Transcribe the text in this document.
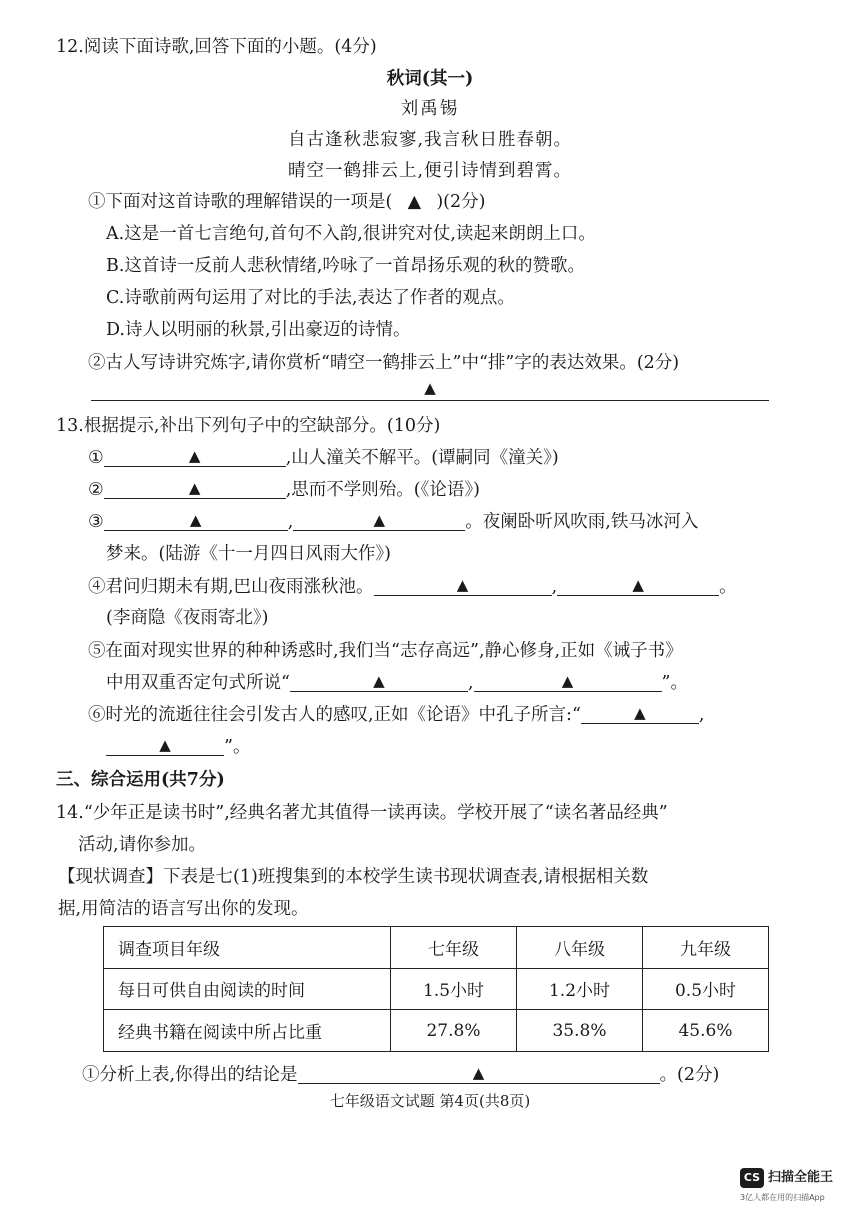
12.阅读下面诗歌,回答下面的小题。(4分)
秋词(其一)
刘禹锡
自古逢秋悲寂寥,我言秋日胜春朝。
晴空一鹤排云上,便引诗情到碧霄。
①下面对这首诗歌的理解错误的一项是( ▲ )(2分)
A.这是一首七言绝句,首句不入韵,很讲究对仗,读起来朗朗上口。
B.这首诗一反前人悲秋情绪,吟咏了一首昂扬乐观的秋的赞歌。
C.诗歌前两句运用了对比的手法,表达了作者的观点。
D.诗人以明丽的秋景,引出豪迈的诗情。
②古人写诗讲究炼字,请你赏析“晴空一鹤排云上”中“排”字的表达效果。(2分)
▲
13.根据提示,补出下列句子中的空缺部分。(10分)
①	▲	,山人潼关不解平。(谭嗣同《潼关》)
②	▲	,思而不学则殆。(《论语》)
③	▲	,	▲	。夜阑卧听风吹雨,铁马冰河入
梦来。(陆游《十一月四日风雨大作》)
④君问归期未有期,巴山夜雨涨秋池。	▲	,	▲	。
(李商隐《夜雨寄北》)
⑤在面对现实世界的种种诱惑时,我们当“志存高远”,静心修身,正如《诫子书》
中用双重否定句式所说“	▲	,	▲	”。
⑥时光的流逝往往会引发古人的感叹,正如《论语》中孔子所言:“	▲	,
▲	”。
三、综合运用(共7分)
14.“少年正是读书时”,经典名著尤其值得一读再读。学校开展了“读名著品经典”
活动,请你参加。
【现状调查】下表是七(1)班搜集到的本校学生读书现状调查表,请根据相关数
据,用简洁的语言写出你的发现。
调查项目年级	七年级	八年级	九年级
每日可供自由阅读的时间	1.5小时	1.2小时	0.5小时
经典书籍在阅读中所占比重	27.8%	35.8%	45.6%
①分析上表,你得出的结论是	▲	。(2分)
七年级语文试题 第4页(共8页)
CS 扫描全能王
3亿人都在用的扫描App
